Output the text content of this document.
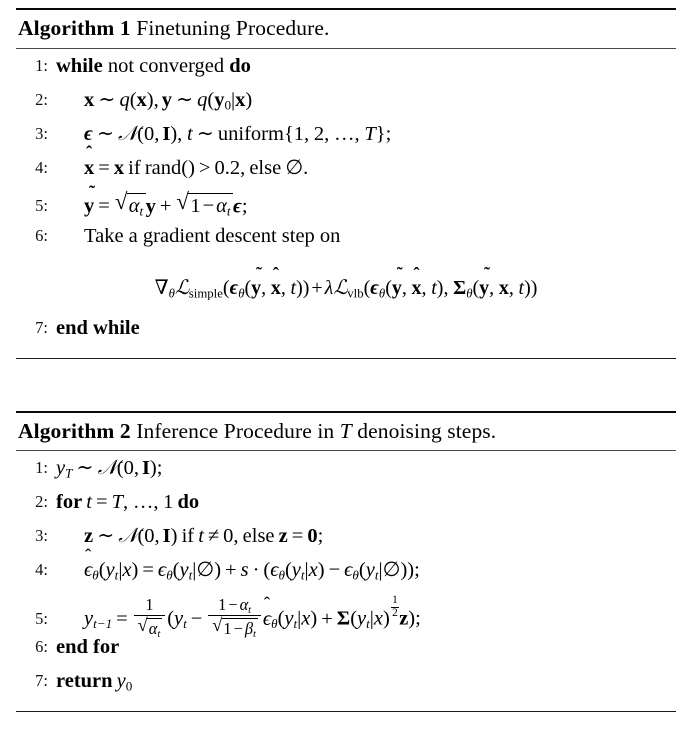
Algorithm 1 Finetuning Procedure.
1: while not converged do
2:	x ∼ q(x), y ∼ $q(y_0|x)$
3:	ϵ ∼ 𝒩(0, I),  t ∼ uniform{1,  2,  …,  T};
4:	x = x  if  rand() > 0.2,  else  ∅.
5:	y = √ $\alpha_t$ y + √ $1-\alpha_t$ ϵ;
6:	Take a gradient descent step on
$\nabla_\theta ℒ_{simple}(\epsilon_\theta$(
y,  x,  $t)) + \lambda ℒ_{vlb}(\epsilon_\theta$(
y,  x,  t),  $\Sigma_\theta$(
y,  x,  t))
7: end while
Algorithm 2 Inference Procedure in T denoising steps.
1: $y_T$ ∼ 𝒩(0, I);
2: for  t = T,  …,  1  do
3:	z ∼ 𝒩(0, I)  if  t ≠ 0,  else  z = 0;
4:	$\epsilon_\theta(y_t|x)$ = $\epsilon_\theta(y_t|\emptyset) + s \cdot (\epsilon_\theta(y_t|x)$ − $\epsilon_\theta(y_t|\emptyset)$);
5:	$y_{t-1} = 1$
√ $\alpha_t$ ($y_t - 1 - \alpha_t$
√ $1 - \beta_t$ $\epsilon_\theta(y_t|x) + \Sigma(y_t|x) \frac{1}{2} z$);
6: end for
7: return  $y_0$
